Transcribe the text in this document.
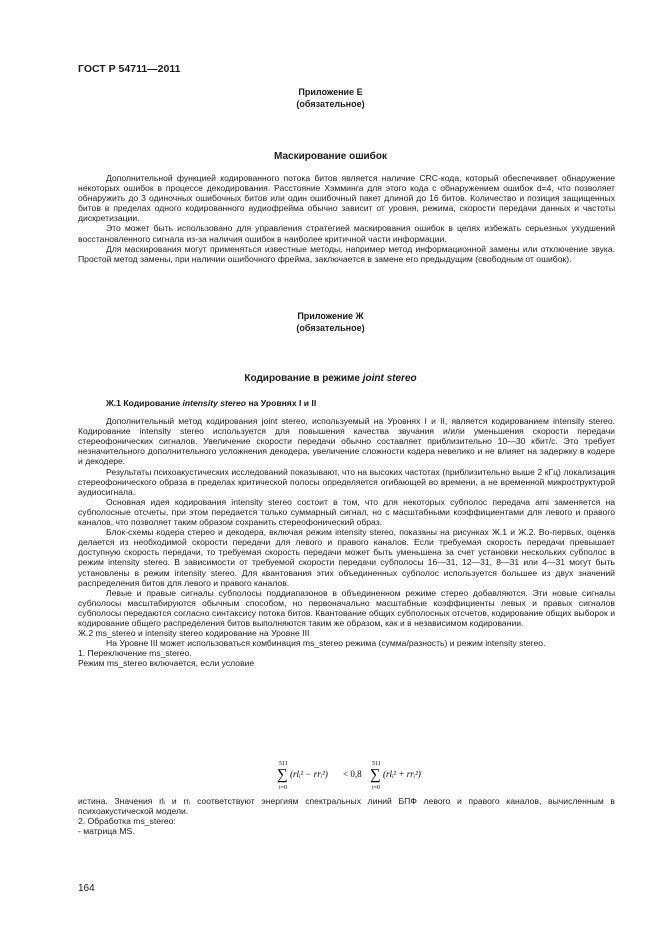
ГОСТ Р 54711—2011
Приложение Е
(обязательное)
Маскирование ошибок

Дополнительной функцией кодированного потока битов является наличие CRC-кода, который обеспечивает обнаружение некоторых ошибок в процессе декодирования. Расстояние Хэмминга для этого кода с обнаружением ошибок d=4, что позволяет обнаружить до 3 одиночных ошибочных битов или один ошибочный пакет длиной до 16 битов. Количество и позиция защищенных битов в пределах одного кодированного аудиофрейма обычно зависит от уровня, режима, скорости передачи данных и частоты дискретизации.

Это может быть использовано для управления стратегией маскирования ошибок в целях избежать серьезных ухудшений восстановленного сигнала из-за наличия ошибок в наиболее критичной части информации.

Для маскирования могут применяться известные методы, например метод информационной замены или отключение звука. Простой метод замены, при наличии ошибочного фрейма, заключается в замене его предыдущим (свободным от ошибок).

Приложение Ж
(обязательное)
Кодирование в режиме joint stereo

Ж.1 Кодирование intensity stereo на Уровнях I и II

Дополнительный метод кодирования joint stereo, используемый на Уровнях I и II, является кодированием intensity stereo. Кодирование intensity stereo используется для повышения качества звучания и/или уменьшения скорости передачи стереофонических сигналов. Увеличение скорости передачи обычно составляет приблизительно 10—30 кбит/с. Это требует незначительного дополнительного усложнения декодера, увеличение сложности кодера невелико и не влияет на задержку в кодере и декодере.

Результаты психоакустических исследований показывают, что на высоких частотах (приблизительно выше 2 кГц) локализация стереофонического образа в пределах критической полосы определяется огибающей во времени, а не временной микроструктурой аудиосигнала.

Основная идея кодирования intensity stereo состоит в том, что для некоторых субполос передача ami заменяется на субполосные отсчеты, при этом передается только суммарный сигнал, но с масштабными коэффициентами для левого и правого каналов, что позволяет таким образом сохранить стереофонический образ.

Блок-схемы кодера стерео и декодера, включая режим intensity stereo, показаны на рисунках Ж.1 и Ж.2. Во-первых, оценка делается из необходимой скорости передачи для левого и правого каналов. Если требуемая скорость передачи превышает доступную скорость передачи, то требуемая скорость передачи может быть уменьшена за счет установки нескольких субполос в режим intensity stereo. В зависимости от требуемой скорости передачи субполосы 16—31, 12—31, 8—31 или 4—31 могут быть установлены в режим intensity stereo. Для квантования этих объединенных субполос используется большее из двух значений распределения битов для левого и правого каналов.

Левые и правые сигналы субполосы поддиапазонов в объединенном режиме стерео добавляются. Эти новые сигналы субполосы масштабируются обычным способом, но первоначально масштабные коэффициенты левых и правых сигналов субполосы передаются согласно синтаксису потока битов. Квантование общих субполосных отсчетов, кодирование общих выборок и кодирование общего распределения битов выполняются таким же образом, как и в независимом кодировании.

Ж.2 ms_stereo и intensity stereo кодирование на Уровне III

На Уровне III может использоваться комбинация ms_stereo режима (сумма/разность) и режим intensity stereo.

1. Переключение ms_stereo.

Режим ms_stereo включается, если условие

511
∑
i=0
(rlᵢ² − rrᵢ²) < 0,8
511
∑
i=0
(rlᵢ² + rrᵢ²)

истина. Значения rlᵢ и rrᵢ соответствуют энергиям спектральных линий БПФ левого и правого каналов, вычисленным в психоакустической модели.

2. Обработка ms_stereo:

- матрица MS.

164
